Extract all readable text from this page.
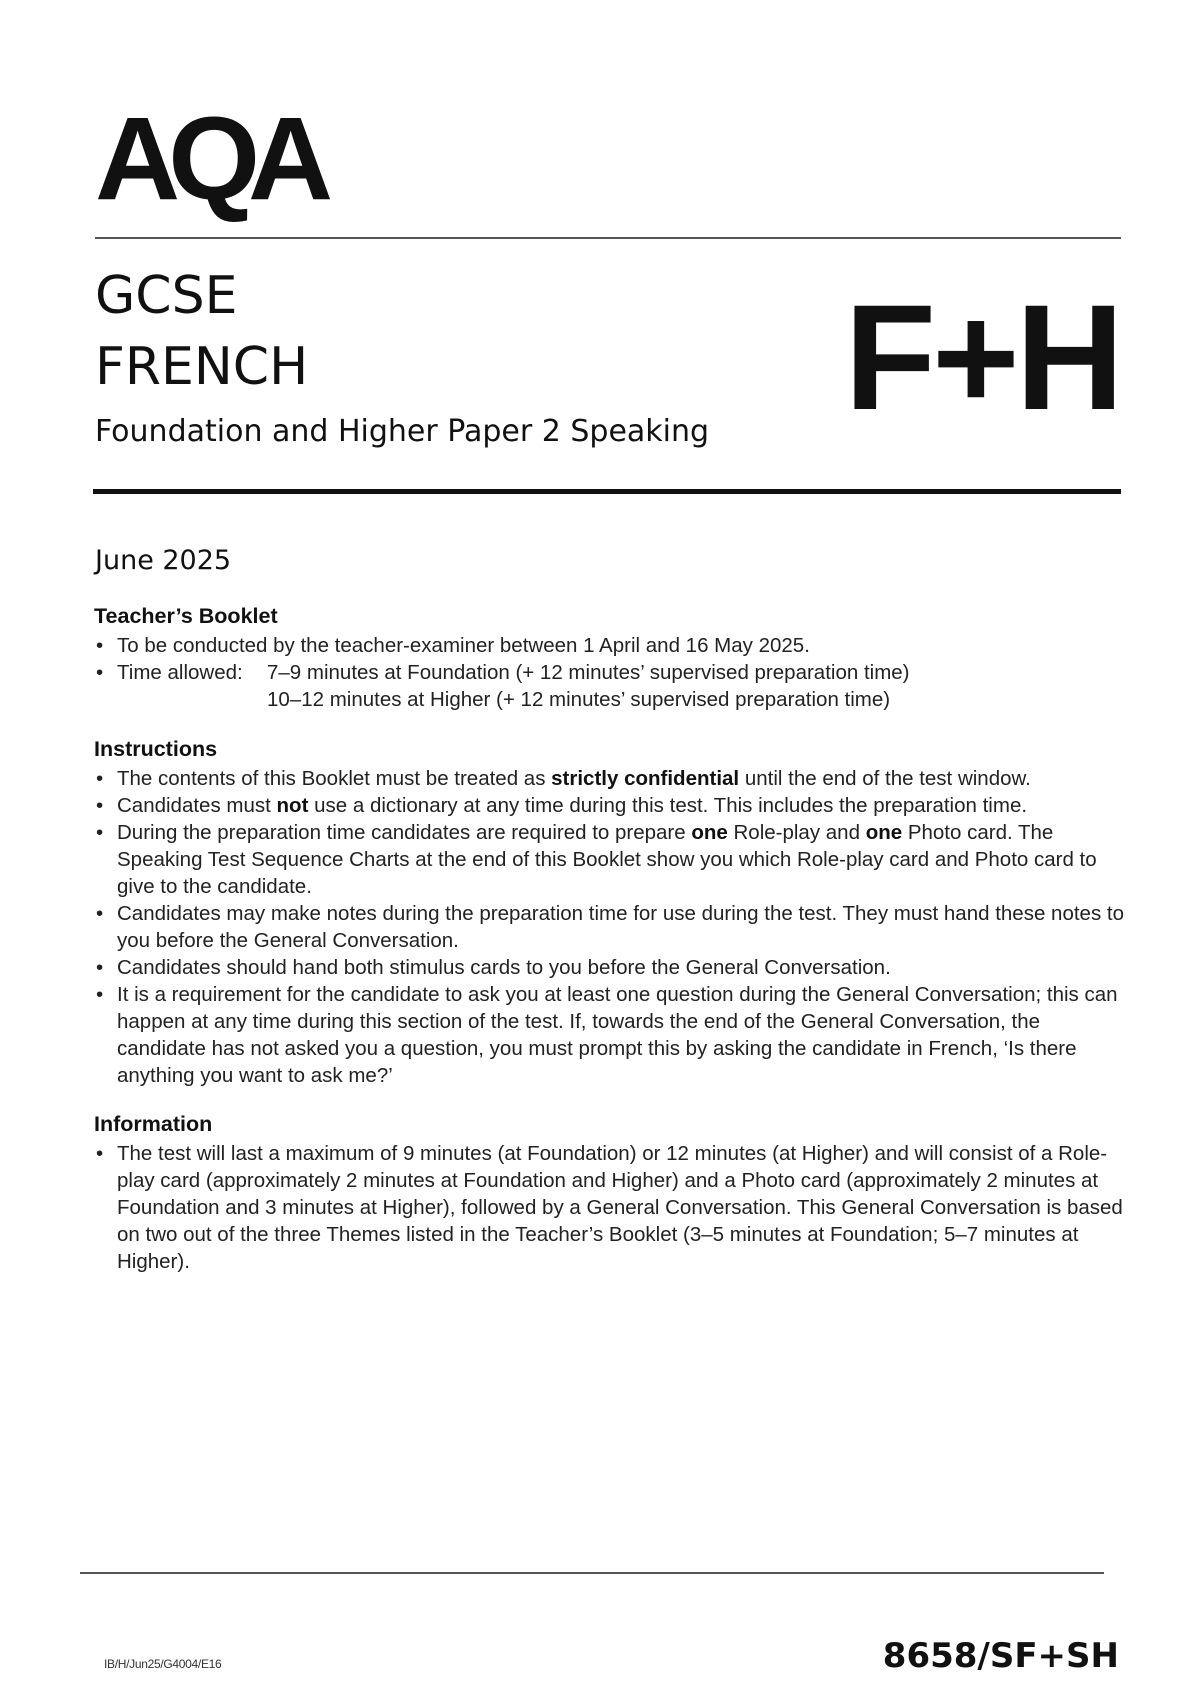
AQA
GCSE
FRENCH
Foundation and Higher Paper 2 Speaking F+H
June 2025
Teacher’s Booklet
• To be conducted by the teacher-examiner between 1 April and 16 May 2025.
• Time allowed:	7–9 minutes at Foundation (+ 12 minutes’ supervised preparation time)
10–12 minutes at Higher (+ 12 minutes’ supervised preparation time)
Instructions
• The contents of this Booklet must be treated as strictly confidential until the end of the test window.
• Candidates must not use a dictionary at any time during this test. This includes the preparation time.
• During the preparation time candidates are required to prepare one Role-play and one Photo card. The Speaking Test Sequence Charts at the end of this Booklet show you which Role-play card and Photo card to give to the candidate.
• Candidates may make notes during the preparation time for use during the test. They must hand these notes to you before the General Conversation.
• Candidates should hand both stimulus cards to you before the General Conversation.
• It is a requirement for the candidate to ask you at least one question during the General Conversation; this can happen at any time during this section of the test. If, towards the end of the General Conversation, the candidate has not asked you a question, you must prompt this by asking the candidate in French, ‘Is there anything you want to ask me?’
Information
• The test will last a maximum of 9 minutes (at Foundation) or 12 minutes (at Higher) and will consist of a Role-play card (approximately 2 minutes at Foundation and Higher) and a Photo card (approximately 2 minutes at Foundation and 3 minutes at Higher), followed by a General Conversation. This General Conversation is based on two out of the three Themes listed in the Teacher’s Booklet (3–5 minutes at Foundation; 5–7 minutes at Higher).
IB/H/Jun25/G4004/E16	8658/SF+SH
